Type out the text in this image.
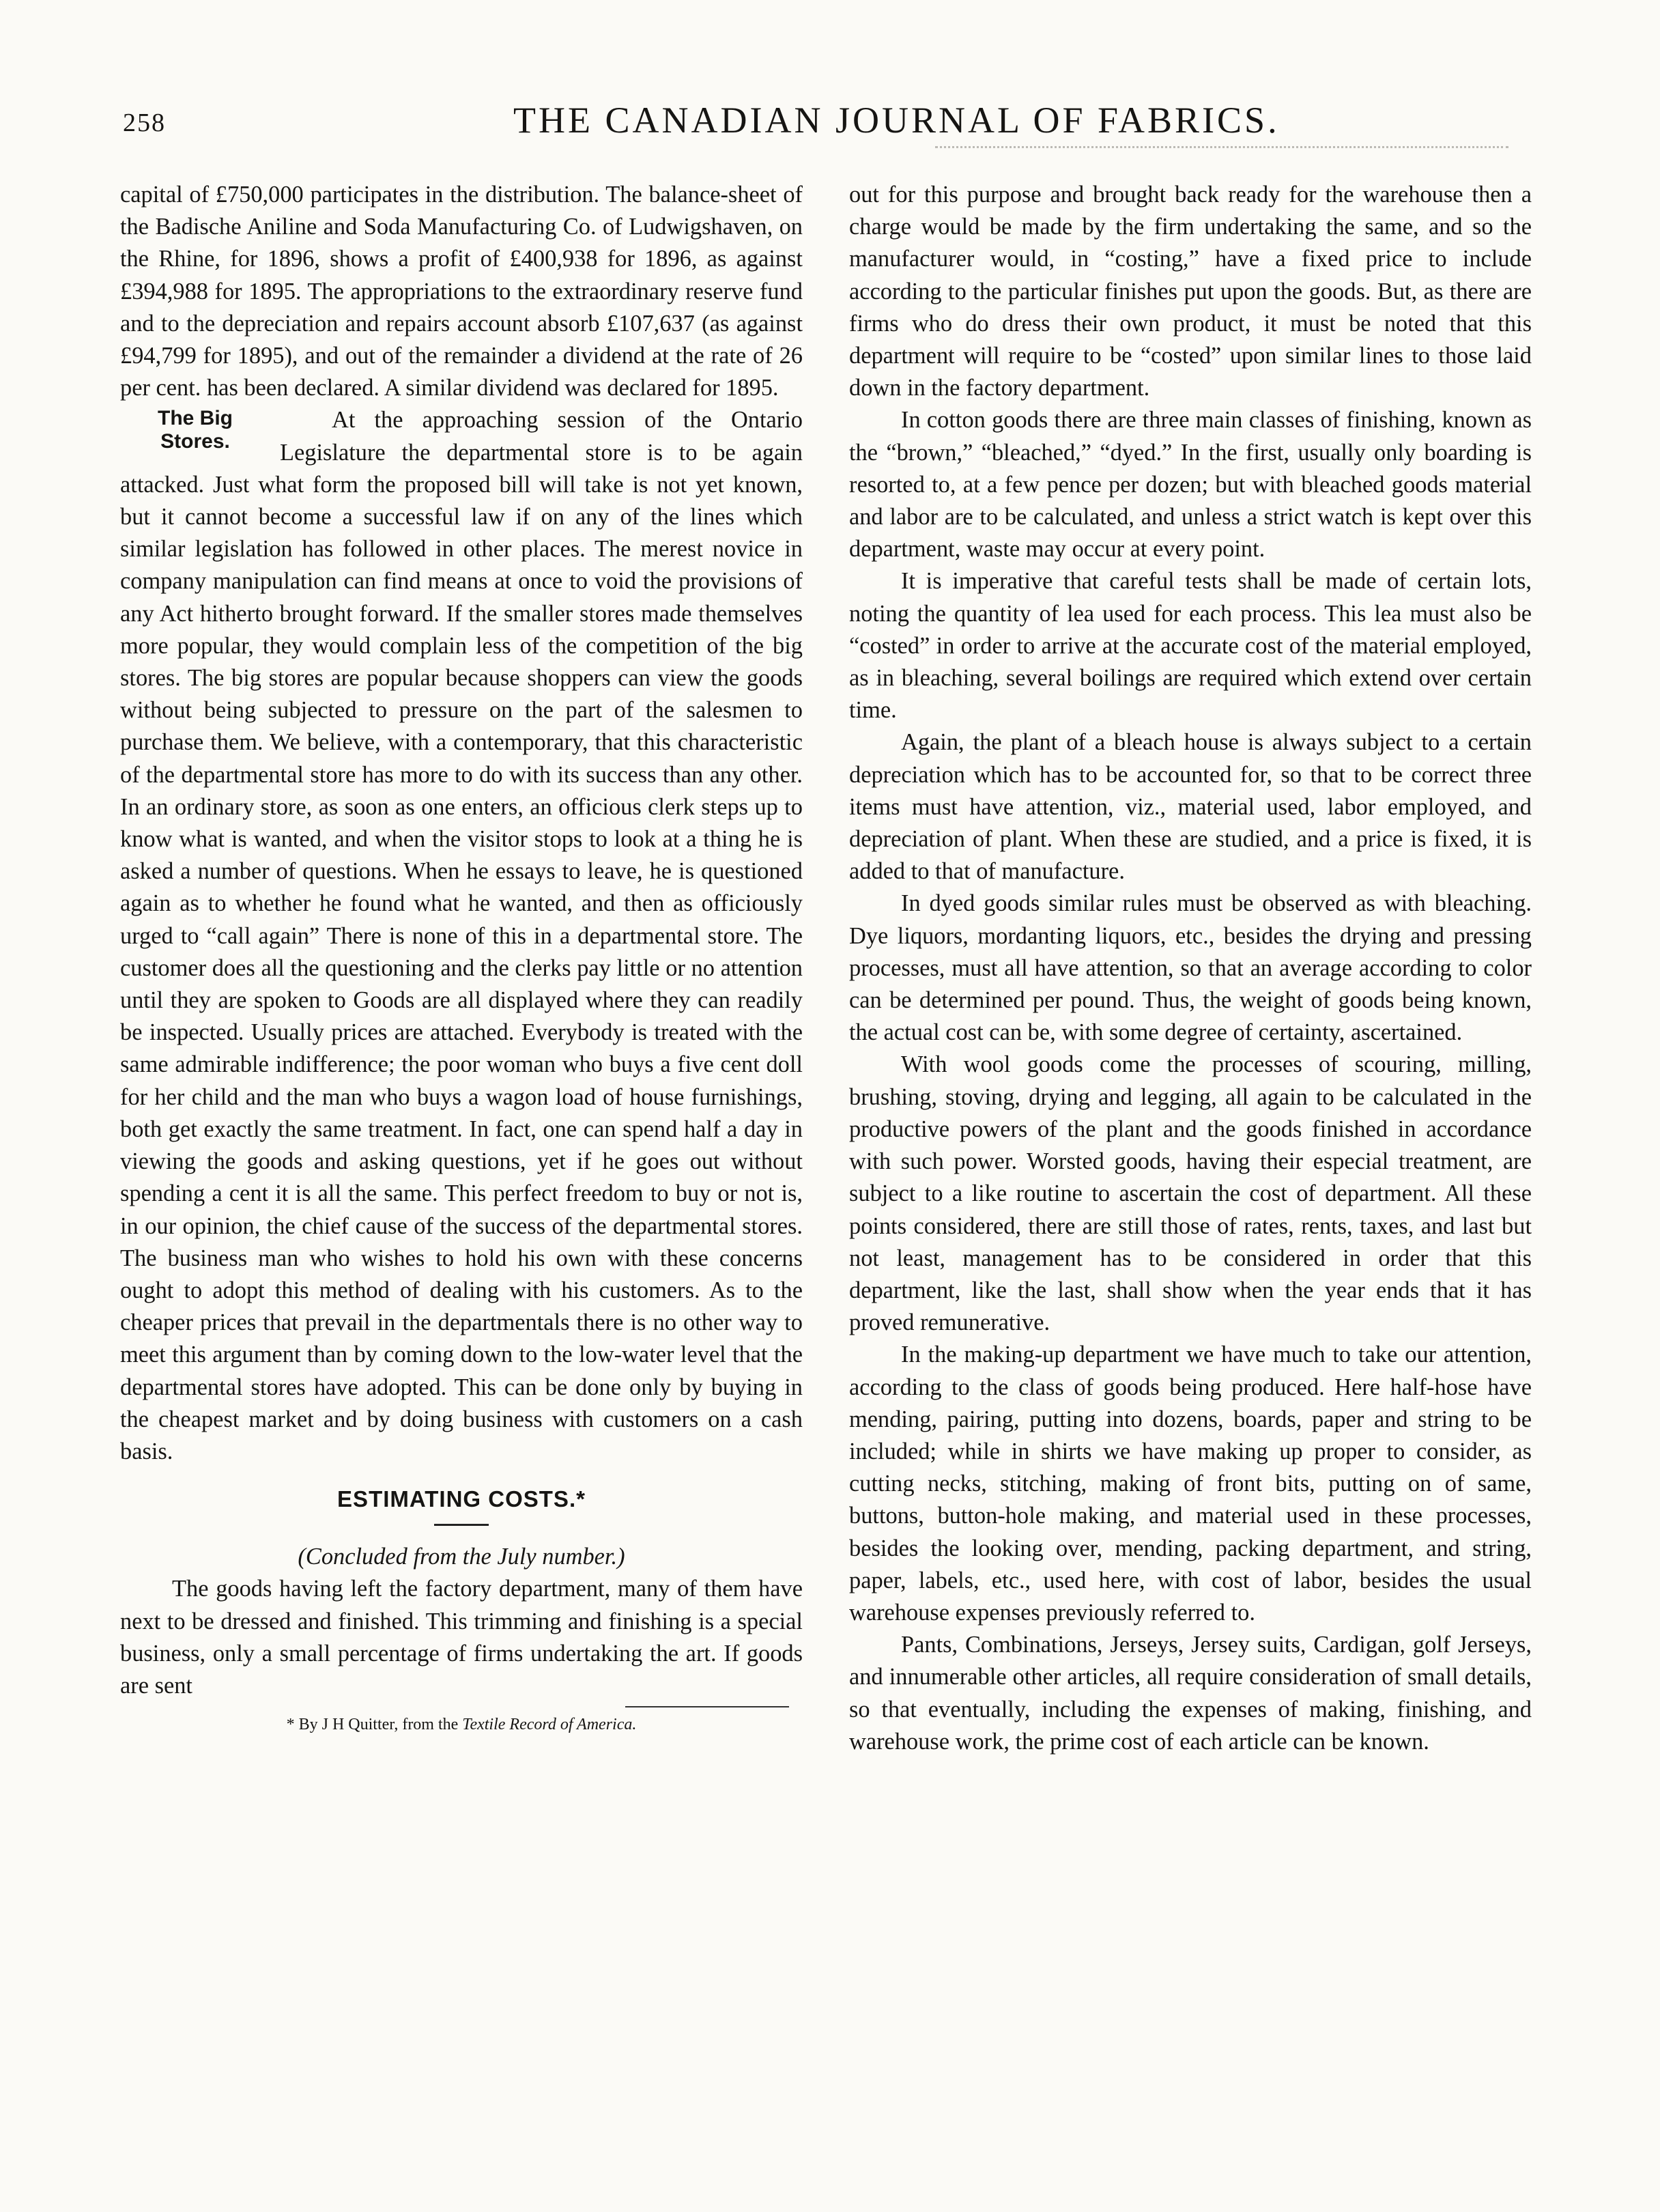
258	THE CANADIAN JOURNAL OF FABRICS.

capital of £750,000 participates in the distribution. The balance-sheet of the Badische Aniline and Soda Manufacturing Co. of Ludwigshaven, on the Rhine, for 1896, shows a profit of £400,938 for 1896, as against £394,988 for 1895. The appropriations to the extraordinary reserve fund and to the depreciation and repairs account absorb £107,637 (as against £94,799 for 1895), and out of the remainder a dividend at the rate of 26 per cent. has been declared. A similar dividend was declared for 1895.

The Big
Stores.

At the approaching session of the Ontario Legislature the departmental store is to be again attacked. Just what form the proposed bill will take is not yet known, but it cannot become a successful law if on any of the lines which similar legislation has followed in other places. The merest novice in company manipulation can find means at once to void the provisions of any Act hitherto brought forward. If the smaller stores made themselves more popular, they would complain less of the competition of the big stores. The big stores are popular because shoppers can view the goods without being subjected to pressure on the part of the salesmen to purchase them. We believe, with a contemporary, that this characteristic of the departmental store has more to do with its success than any other. In an ordinary store, as soon as one enters, an officious clerk steps up to know what is wanted, and when the visitor stops to look at a thing he is asked a number of questions. When he essays to leave, he is questioned again as to whether he found what he wanted, and then as officiously urged to “call again” There is none of this in a departmental store. The customer does all the questioning and the clerks pay little or no attention until they are spoken to Goods are all displayed where they can readily be inspected. Usually prices are attached. Everybody is treated with the same admirable indifference; the poor woman who buys a five cent doll for her child and the man who buys a wagon load of house furnishings, both get exactly the same treatment. In fact, one can spend half a day in viewing the goods and asking questions, yet if he goes out without spending a cent it is all the same. This perfect freedom to buy or not is, in our opinion, the chief cause of the success of the departmental stores. The business man who wishes to hold his own with these concerns ought to adopt this method of dealing with his customers. As to the cheaper prices that prevail in the departmentals there is no other way to meet this argument than by coming down to the low-water level that the departmental stores have adopted. This can be done only by buying in the cheapest market and by doing business with customers on a cash basis.

ESTIMATING COSTS.*
(Concluded from the July number.)

The goods having left the factory department, many of them have next to be dressed and finished. This trimming and finishing is a special business, only a small percentage of firms undertaking the art. If goods are sent

* By J H Quitter, from the Textile Record of America.

out for this purpose and brought back ready for the warehouse then a charge would be made by the firm undertaking the same, and so the manufacturer would, in “costing,” have a fixed price to include according to the particular finishes put upon the goods. But, as there are firms who do dress their own product, it must be noted that this department will require to be “costed” upon similar lines to those laid down in the factory department.

In cotton goods there are three main classes of finishing, known as the “brown,” “bleached,” “dyed.” In the first, usually only boarding is resorted to, at a few pence per dozen; but with bleached goods material and labor are to be calculated, and unless a strict watch is kept over this department, waste may occur at every point.

It is imperative that careful tests shall be made of certain lots, noting the quantity of lea used for each process. This lea must also be “costed” in order to arrive at the accurate cost of the material employed, as in bleaching, several boilings are required which extend over certain time.

Again, the plant of a bleach house is always subject to a certain depreciation which has to be accounted for, so that to be correct three items must have attention, viz., material used, labor employed, and depreciation of plant. When these are studied, and a price is fixed, it is added to that of manufacture.

In dyed goods similar rules must be observed as with bleaching. Dye liquors, mordanting liquors, etc., besides the drying and pressing processes, must all have attention, so that an average according to color can be determined per pound. Thus, the weight of goods being known, the actual cost can be, with some degree of certainty, ascertained.

With wool goods come the processes of scouring, milling, brushing, stoving, drying and legging, all again to be calculated in the productive powers of the plant and the goods finished in accordance with such power. Worsted goods, having their especial treatment, are subject to a like routine to ascertain the cost of department. All these points considered, there are still those of rates, rents, taxes, and last but not least, management has to be considered in order that this department, like the last, shall show when the year ends that it has proved remunerative.

In the making-up department we have much to take our attention, according to the class of goods being produced. Here half-hose have mending, pairing, putting into dozens, boards, paper and string to be included; while in shirts we have making up proper to consider, as cutting necks, stitching, making of front bits, putting on of same, buttons, button-hole making, and material used in these processes, besides the looking over, mending, packing department, and string, paper, labels, etc., used here, with cost of labor, besides the usual warehouse expenses previously referred to.

Pants, Combinations, Jerseys, Jersey suits, Cardigan, golf Jerseys, and innumerable other articles, all require consideration of small details, so that eventually, including the expenses of making, finishing, and warehouse work, the prime cost of each article can be known.
